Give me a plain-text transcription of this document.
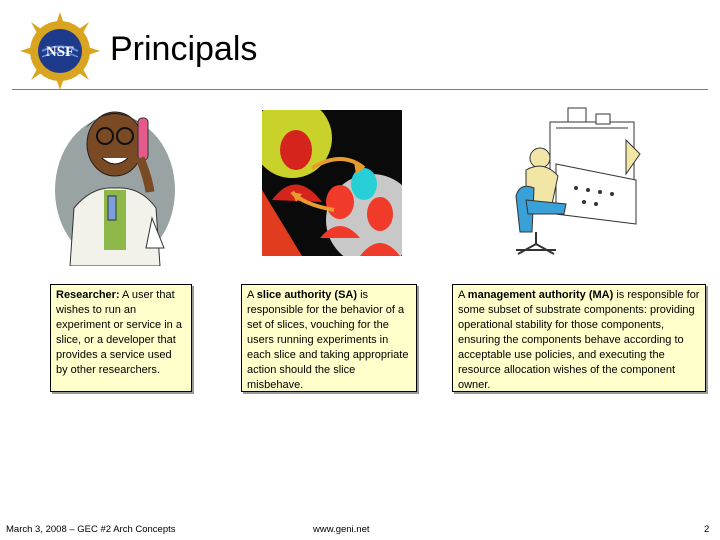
NSF Principals
Researcher: A user that wishes to run an experiment or service in a slice, or a developer that provides a service used by other researchers.
A slice authority (SA) is responsible for the behavior of a set of slices, vouching for the users running experiments in each slice and taking appropriate action should the slice misbehave.
A management authority (MA) is responsible for some subset of substrate components: providing operational stability for those components, ensuring the components behave according to acceptable use policies, and executing the resource allocation wishes of the component owner.
March 3, 2008 – GEC #2 Arch Concepts	www.geni.net	2
